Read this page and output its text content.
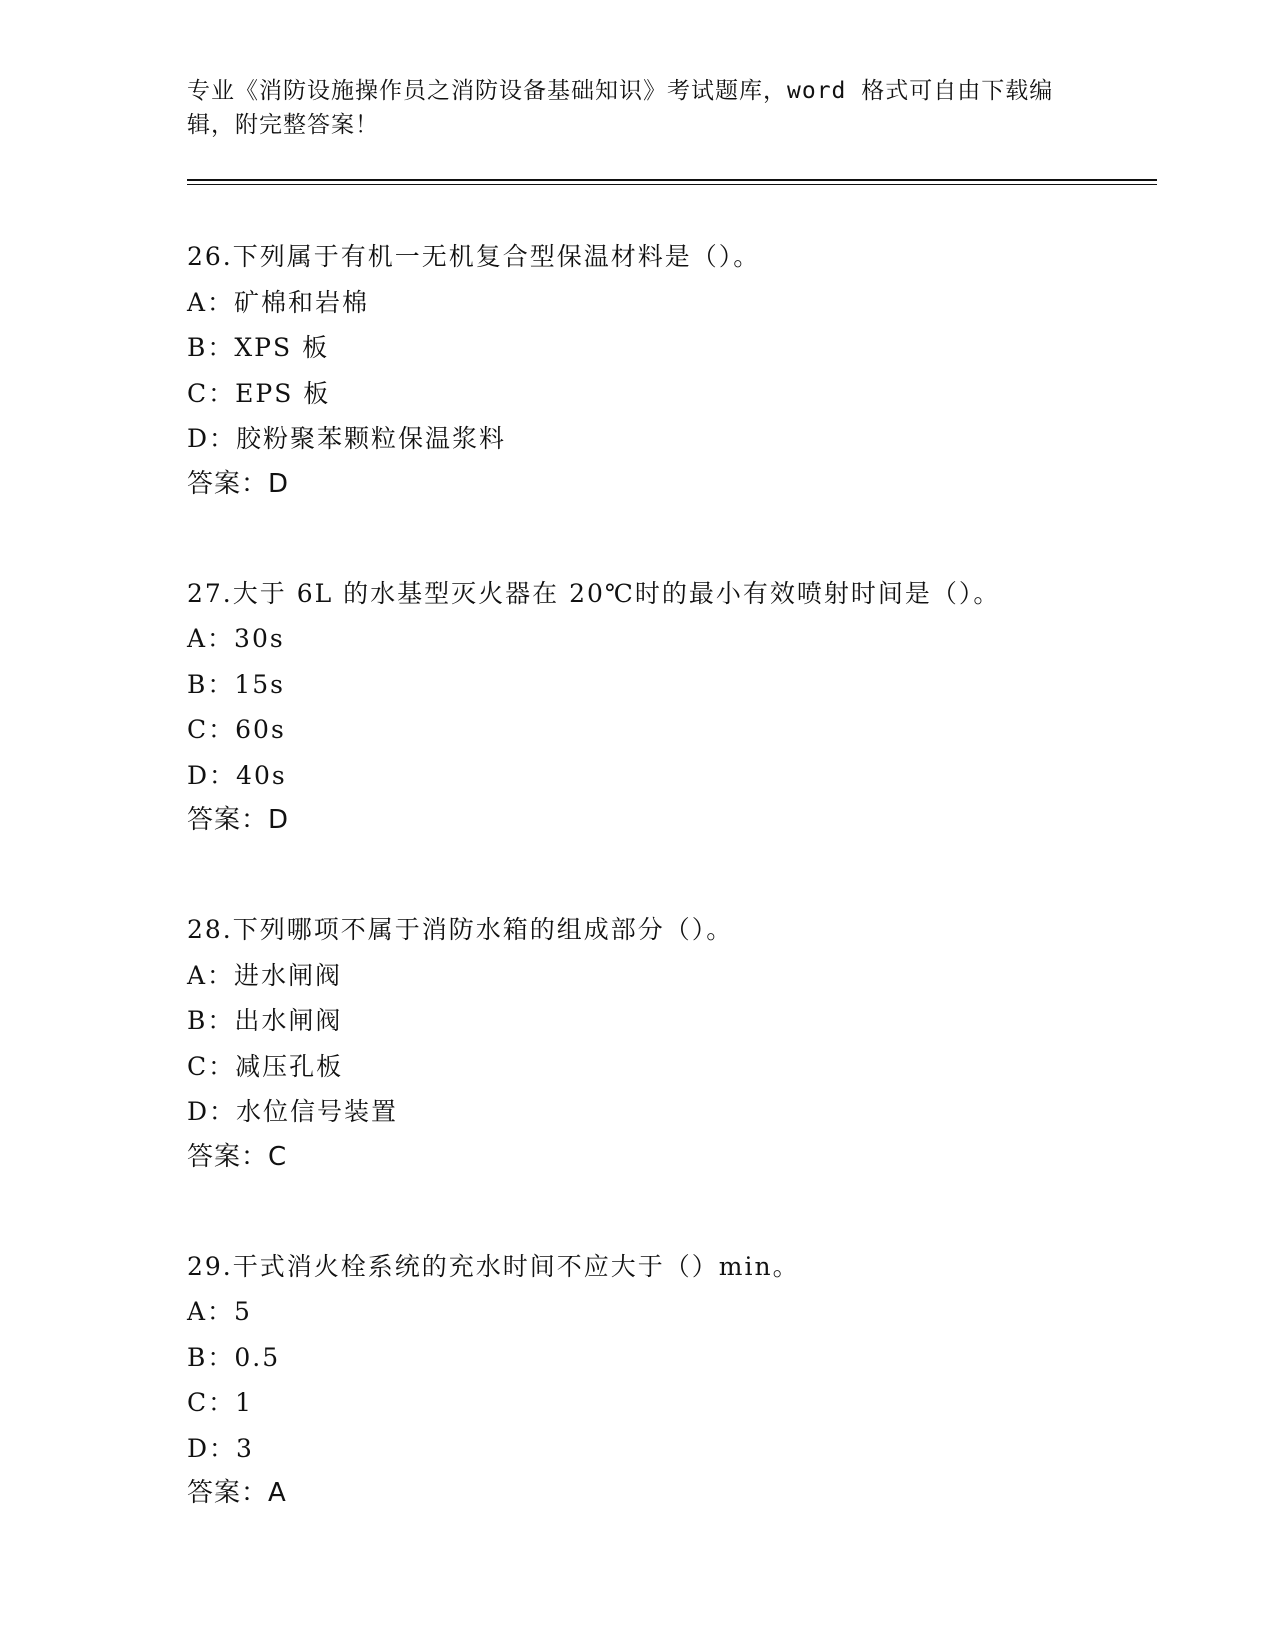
专业《消防设施操作员之消防设备基础知识》考试题库，word 格式可自由下载编
辑，附完整答案！
26.下列属于有机一无机复合型保温材料是（）。
A：矿棉和岩棉
B：XPS 板
C：EPS 板
D：胶粉聚苯颗粒保温浆料
答案：D
27.大于 6L 的水基型灭火器在 20℃时的最小有效喷射时间是（）。
A：30s
B：15s
C：60s
D：40s
答案：D
28.下列哪项不属于消防水箱的组成部分（）。
A：进水闸阀
B：出水闸阀
C：减压孔板
D：水位信号装置
答案：C
29.干式消火栓系统的充水时间不应大于（）min。
A：5
B：0.5
C：1
D：3
答案：A
